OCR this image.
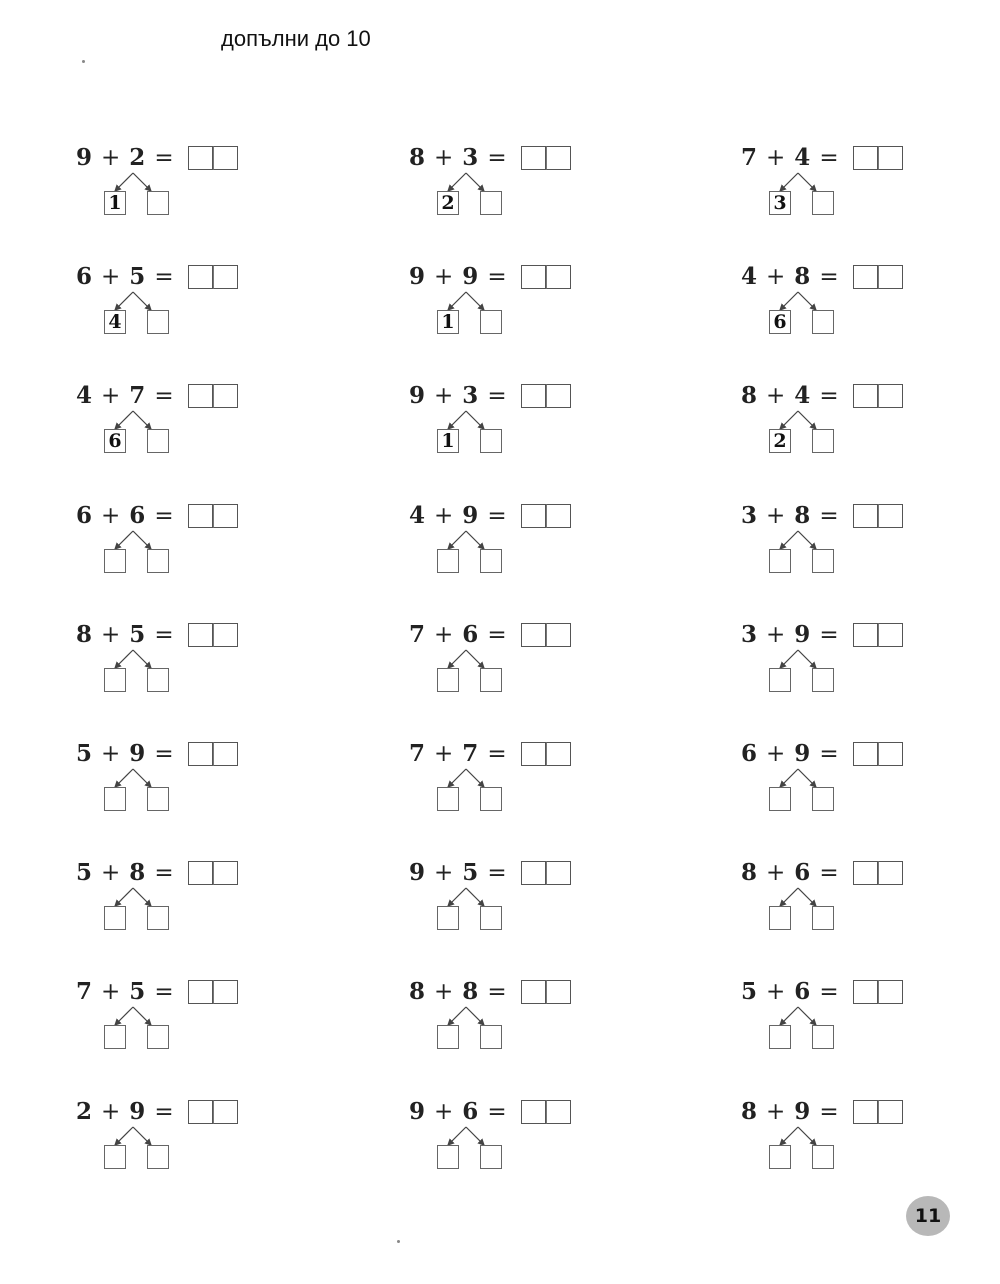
допълни до 10
9 + 2 =
1
6 + 5 =
4
4 + 7 =
6
6 + 6 =
8 + 5 =
5 + 9 =
5 + 8 =
7 + 5 =
2 + 9 =
8 + 3 =
2
9 + 9 =
1
9 + 3 =
1
4 + 9 =
7 + 6 =
7 + 7 =
9 + 5 =
8 + 8 =
9 + 6 =
7 + 4 =
3
4 + 8 =
6
8 + 4 =
2
3 + 8 =
3 + 9 =
6 + 9 =
8 + 6 =
5 + 6 =
8 + 9 =
11
